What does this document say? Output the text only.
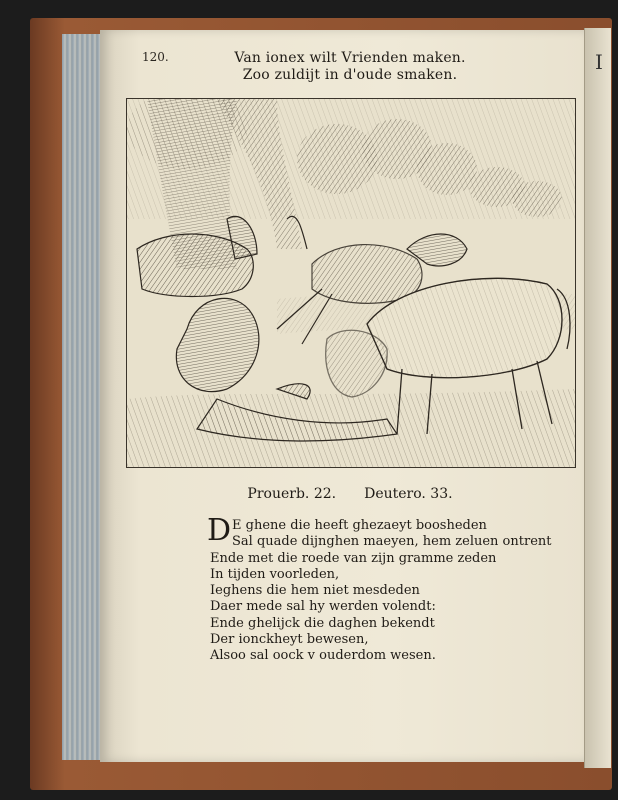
I
120.	Van ionex wilt Vrienden maken.
Zoo zuldijt in d'oude smaken.
Prouerb. 22. Deutero. 33.
D E ghene die heeft ghezaeyt boosheden
Sal quade dijnghen maeyen, hem zeluen ontrent
Ende met die roede van zijn gramme zeden
In tijden voorleden,
Ieghens die hem niet mesdeden
Daer mede sal hy werden volendt:
Ende ghelijck die daghen bekendt
Der ionckheyt bewesen,
Alsoo sal oock v ouderdom wesen.
